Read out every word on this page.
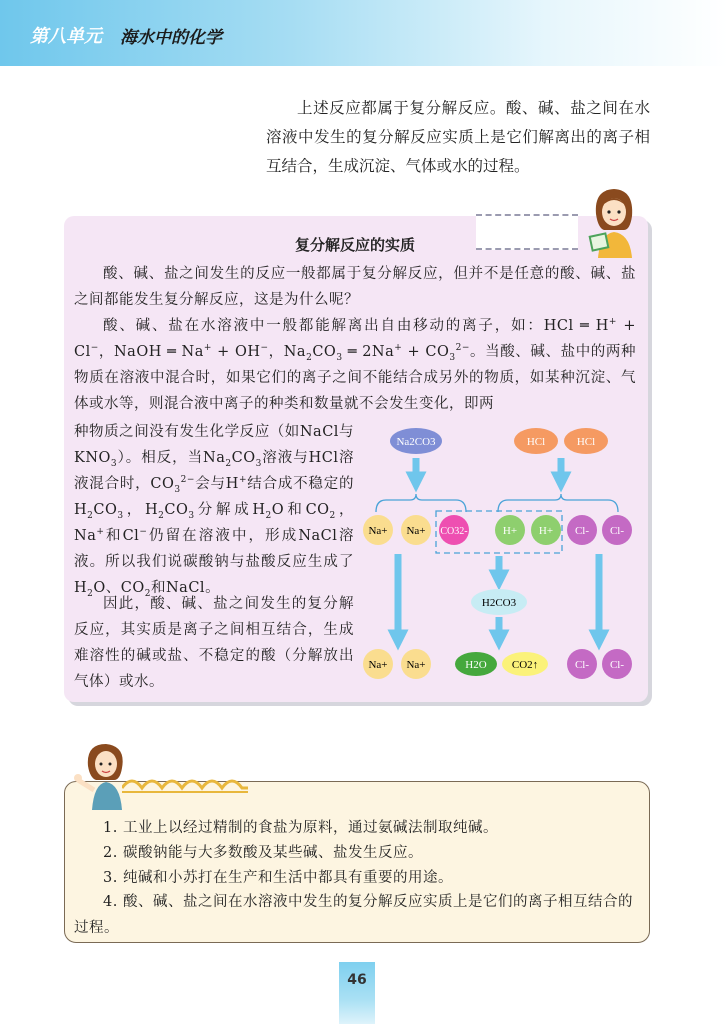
第八单元 海水中的化学

上述反应都属于复分解反应。酸、碱、盐之间在水溶液中发生的复分解反应实质上是它们解离出的离子相互结合，生成沉淀、气体或水的过程。

复分解反应的实质

酸、碱、盐之间发生的反应一般都属于复分解反应，但并不是任意的酸、碱、盐之间都能发生复分解反应，这是为什么呢？

酸、碱、盐在水溶液中一般都能解离出自由移动的离子，如：HCl ═ H+ + Cl−，NaOH ═ Na+ + OH−，$Na_2CO_3$ ═ $2Na^+ + CO_3^{2-}$。当酸、碱、盐中的两种物质在溶液中混合时，如果它们的离子之间不能结合成另外的物质，如某种沉淀、气体或水等，则混合液中离子的种类和数量就不会发生变化，即两

种物质之间没有发生化学反应（如NaCl与$KNO_3$）。相反，当$Na_2CO_3$溶液与HCl溶液混合时，$CO_3^{2-}$会与H+结合成不稳定的$H_2CO_3$，$H_2CO_3$分解成$H_2O$和$CO_2$，Na+和Cl−仍留在溶液中，形成NaCl溶液。所以我们说碳酸钠与盐酸反应生成了$H_2O$、$CO_2$和NaCl。

因此，酸、碱、盐之间发生的复分解反应，其实质是离子之间相互结合，生成难溶性的碱或盐、不稳定的酸（分解放出气体）或水。

Na2CO3	HCl	HCl
Na+ Na+ CO32-	H+ H+ Cl- Cl-
H2CO3
Na+ Na+	H2O CO2↑	Cl- Cl-

1. 工业上以经过精制的食盐为原料，通过氨碱法制取纯碱。

2. 碳酸钠能与大多数酸及某些碱、盐发生反应。

3. 纯碱和小苏打在生产和生活中都具有重要的用途。

4. 酸、碱、盐之间在水溶液中发生的复分解反应实质上是它们的离子相互结合的过程。

46
